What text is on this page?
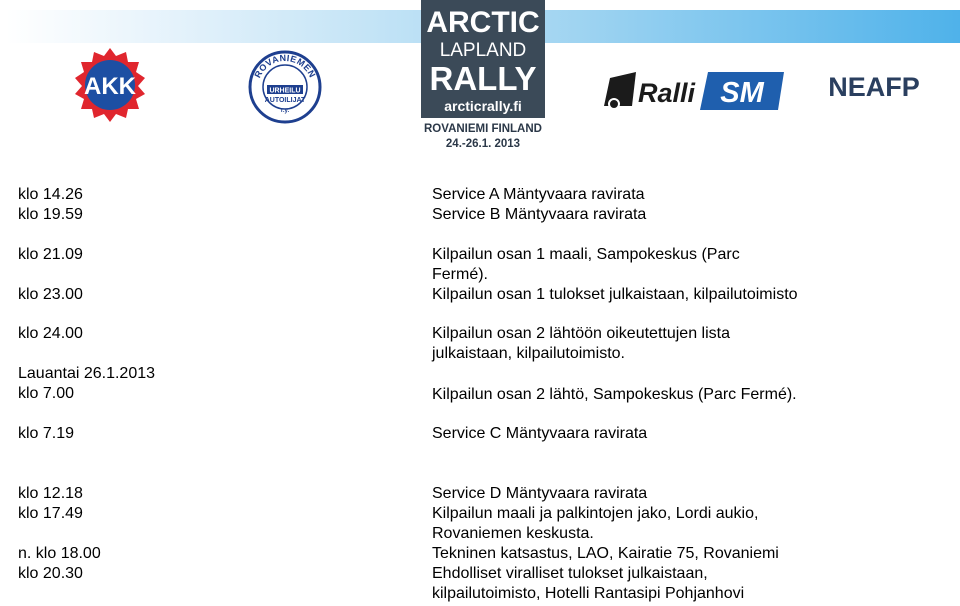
AKK	ROVANIEMEN
URHEILU
AUTOILIJAT
r.y.
ARCTIC
LAPLAND
RALLY
arcticrally.fi
ROVANIEMI FINLAND
24.-26.1. 2013
Ralli SM NEAFP
klo 14.26	Service A Mäntyvaara ravirata
klo 19.59	Service B Mäntyvaara ravirata
klo 21.09	Kilpailun osan 1 maali, Sampokeskus (Parc
Fermé).
klo 23.00	Kilpailun osan 1 tulokset julkaistaan, kilpailutoimisto
klo 24.00	Kilpailun osan 2 lähtöön oikeutettujen lista
julkaistaan, kilpailutoimisto.
Lauantai 26.1.2013
klo 7.00	Kilpailun osan 2 lähtö, Sampokeskus (Parc Fermé).
klo 7.19	Service C Mäntyvaara ravirata
klo 12.18	Service D Mäntyvaara ravirata
klo 17.49	Kilpailun maali ja palkintojen jako, Lordi aukio,
Rovaniemen keskusta.
n. klo 18.00	Tekninen katsastus, LAO, Kairatie 75, Rovaniemi
klo 20.30	Ehdolliset viralliset tulokset julkaistaan,
kilpailutoimisto, Hotelli Rantasipi Pohjanhovi
